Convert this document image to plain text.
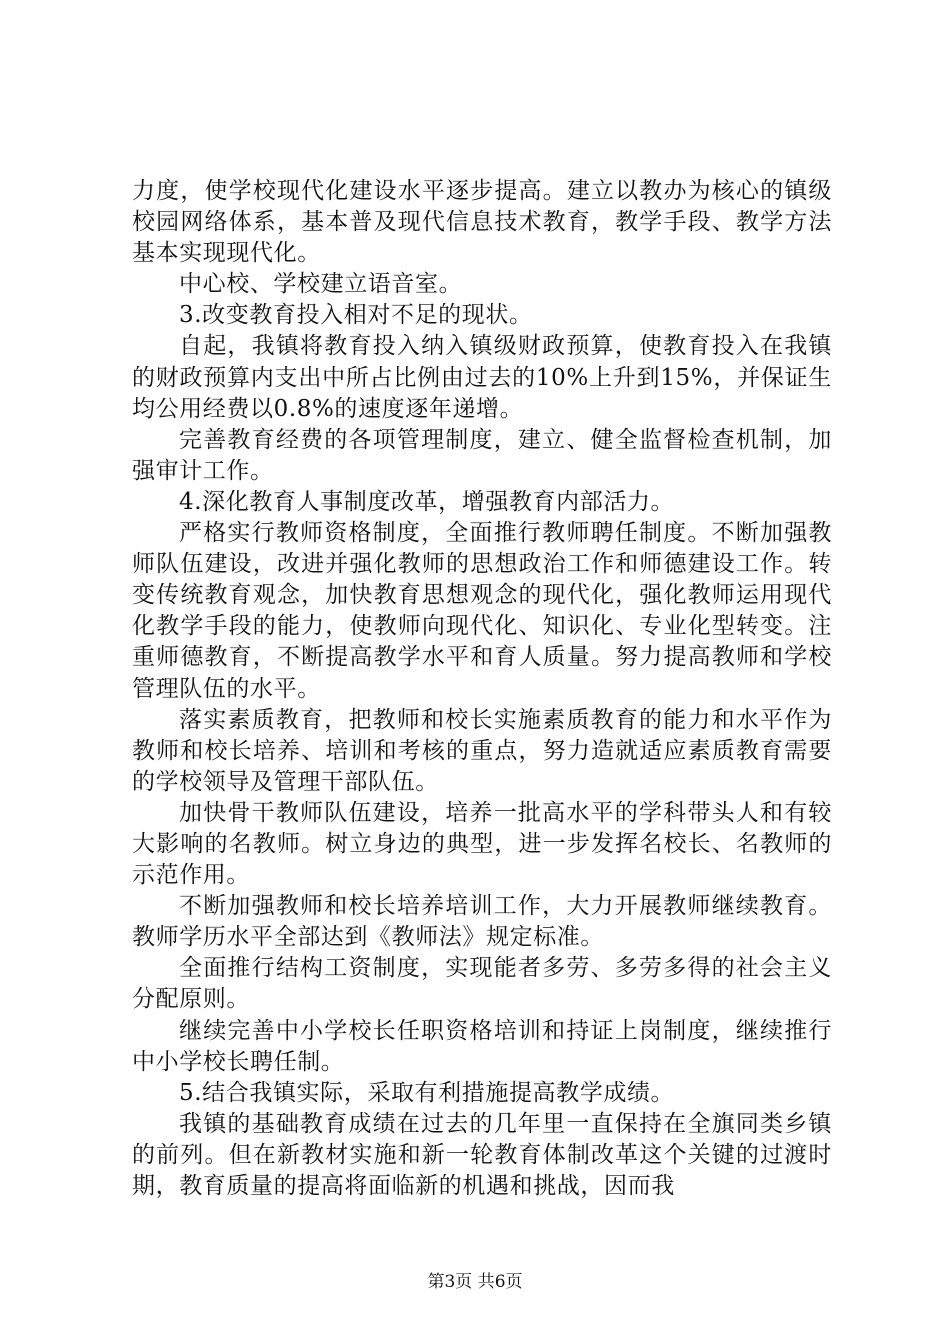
力度，使学校现代化建设水平逐步提高。建立以教办为核心的镇级校园网络体系，基本普及现代信息技术教育，教学手段、教学方法基本实现现代化。

中心校、学校建立语音室。

3.改变教育投入相对不足的现状。

自起，我镇将教育投入纳入镇级财政预算，使教育投入在我镇的财政预算内支出中所占比例由过去的10%上升到15%，并保证生均公用经费以0.8%的速度逐年递增。

完善教育经费的各项管理制度，建立、健全监督检查机制，加强审计工作。

4.深化教育人事制度改革，增强教育内部活力。

严格实行教师资格制度，全面推行教师聘任制度。不断加强教师队伍建设，改进并强化教师的思想政治工作和师德建设工作。转变传统教育观念，加快教育思想观念的现代化，强化教师运用现代化教学手段的能力，使教师向现代化、知识化、专业化型转变。注重师德教育，不断提高教学水平和育人质量。努力提高教师和学校管理队伍的水平。

落实素质教育，把教师和校长实施素质教育的能力和水平作为教师和校长培养、培训和考核的重点，努力造就适应素质教育需要的学校领导及管理干部队伍。

加快骨干教师队伍建设，培养一批高水平的学科带头人和有较大影响的名教师。树立身边的典型，进一步发挥名校长、名教师的示范作用。

不断加强教师和校长培养培训工作，大力开展教师继续教育。教师学历水平全部达到《教师法》规定标准。

全面推行结构工资制度，实现能者多劳、多劳多得的社会主义分配原则。

继续完善中小学校长任职资格培训和持证上岗制度，继续推行中小学校长聘任制。

5.结合我镇实际，采取有利措施提高教学成绩。

我镇的基础教育成绩在过去的几年里一直保持在全旗同类乡镇的前列。但在新教材实施和新一轮教育体制改革这个关键的过渡时期，教育质量的提高将面临新的机遇和挑战，因而我

第3页 共6页
